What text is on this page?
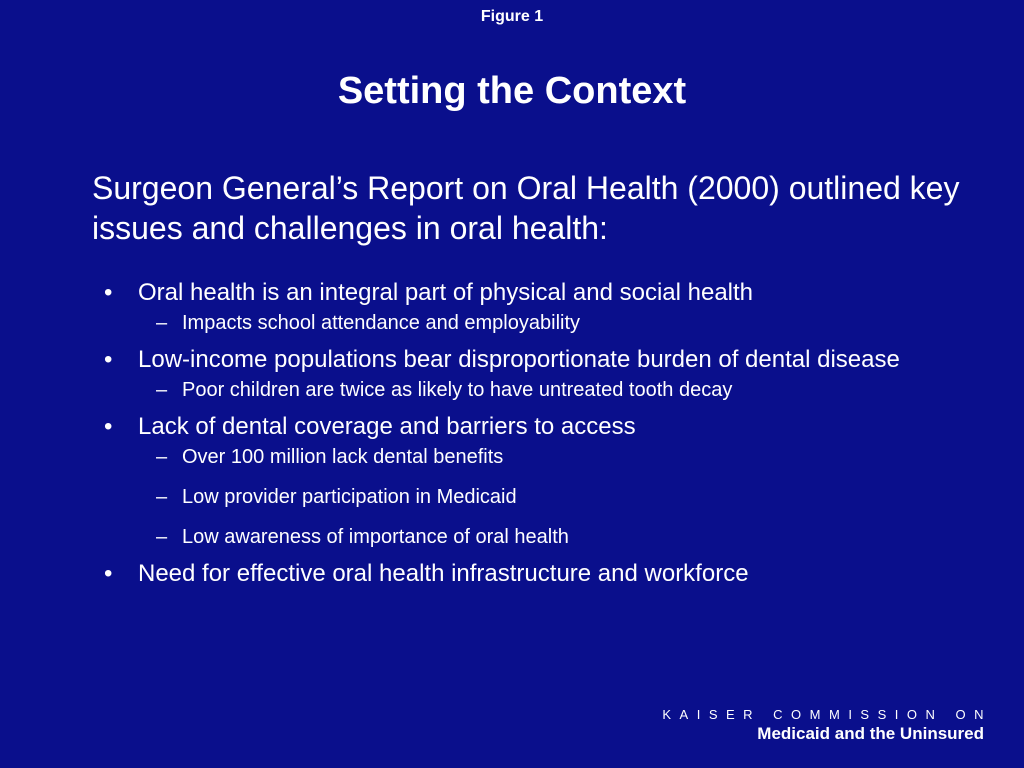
Figure 1
Setting the Context

Surgeon General’s Report on Oral Health (2000) outlined key issues and challenges in oral health:

•	Oral health is an integral part of physical and social health
– Impacts school attendance and employability
•	Low-income populations bear disproportionate burden of dental disease
– Poor children are twice as likely to have untreated tooth decay
•	Lack of dental coverage and barriers to access
– Over 100 million lack dental benefits
– Low provider participation in Medicaid
– Low awareness of importance of oral health
•	Need for effective oral health infrastructure and workforce
KAISER COMMISSION ON
Medicaid and the Uninsured
